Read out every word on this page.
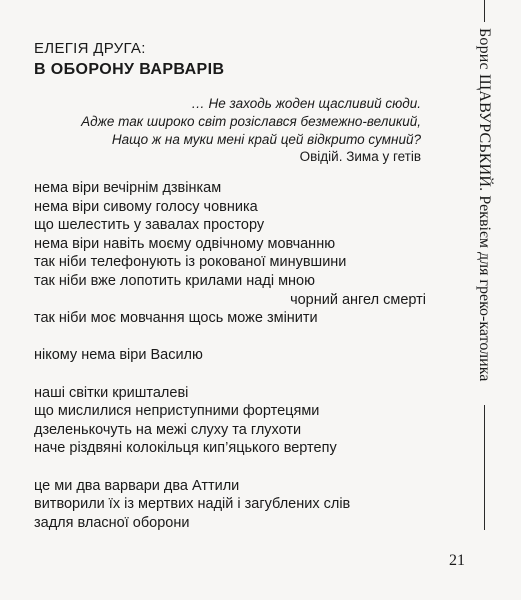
ЕЛЕГІЯ ДРУГА:
В ОБОРОНУ ВАРВАРІВ
… Не заходь жоден щасливий сюди.
Адже так широко світ розіслався безмежно-великий,
Нащо ж на муки мені край цей відкрито сумний?
Овідій. Зима у гетів
нема віри вечірнім дзвінкам
нема віри сивому голосу човника
що шелестить у завалах простору
нема віри навіть моєму одвічному мовчанню
так ніби телефонують із рокованої минувшини
так ніби вже лопотить крилами наді мною
чорний ангел смерті
так ніби моє мовчання щось може змінити
нікому нема віри Василю
наші світки кришталеві
що мислилися неприступними фортецями
дзеленькочуть на межі слуху та глухоти
наче різдвяні колокільця кип’яцького вертепу
це ми два варвари два Аттили
витворили їх із мертвих надій і загублених слів
задля власної оборони
Борис ЩАВУРСЬКИЙ. Реквієм для греко-католика
21
